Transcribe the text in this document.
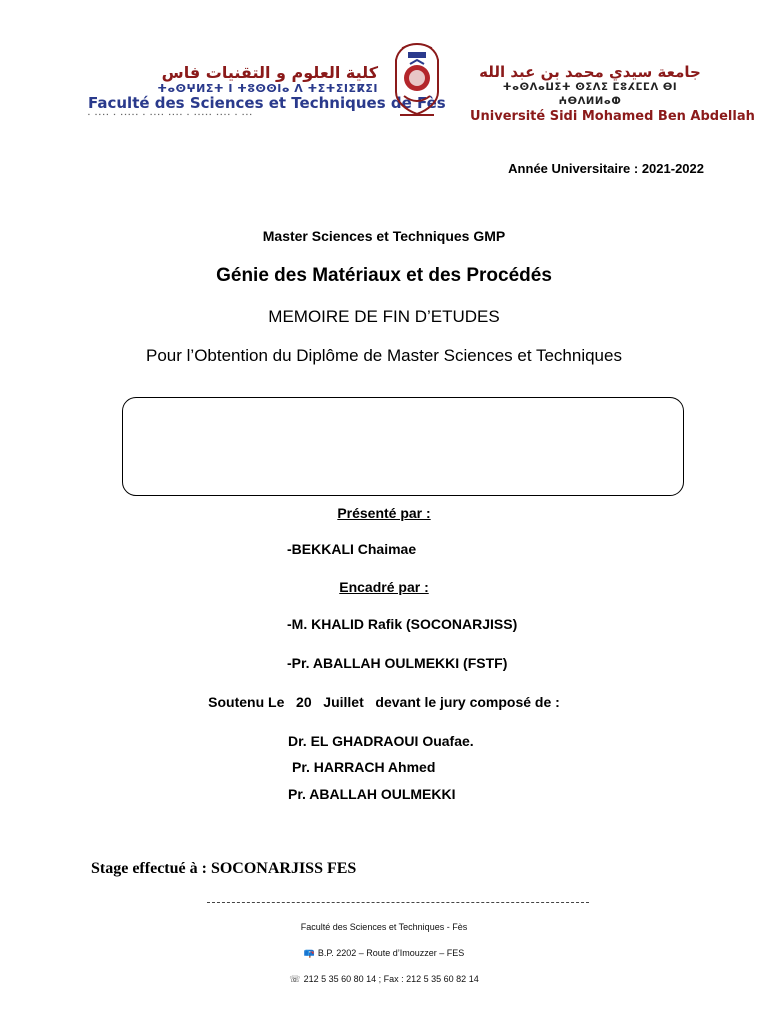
كلية العلوم و التقنيات فاس
ⵜⴰⵙⵖⵍⵉⵜ ⵏ ⵜⵓⵙⵙⵏⴰ ⴷ ⵜⵉⵜⵉⵏⵉⴽⵉⵏ
Faculté des Sciences et Techniques de Fès
▪ ▪▪▪▪ ▪ ▪▪▪▪▪ ▪ ▪▪▪▪ ▪▪▪▪ ▪ ▪▪▪▪▪ ▪▪▪▪ ▪ ▪▪▪
جامعة سيدي محمد بن عبد الله
ⵜⴰⵙⴷⴰⵡⵉⵜ ⵙⵉⴷⵉ ⵎⵓⵃⵎⵎⴷ ⴱⵏ ⵄⴱⴷⵍⵍⴰⵀ
Université Sidi Mohamed Ben Abdellah
Année Universitaire : 2021-2022
Master Sciences et Techniques GMP
Génie des Matériaux et des Procédés
MEMOIRE DE FIN D’ETUDES
Pour l’Obtention du Diplôme de Master Sciences et Techniques
Présenté par :
-BEKKALI Chaimae
Encadré par :
-M. KHALID Rafik (SOCONARJISS)
-Pr. ABALLAH OULMEKKI (FSTF)
Soutenu Le   20   Juillet   devant le jury composé de :
Dr. EL GHADRAOUI Ouafae.
Pr. HARRACH Ahmed
Pr. ABALLAH OULMEKKI
Stage effectué à : SOCONARJISS FES
Faculté des Sciences et Techniques - Fès
📪 B.P. 2202 – Route d’Imouzzer – FES
☏ 212 5 35 60 80 14 ; Fax : 212 5 35 60 82 14
